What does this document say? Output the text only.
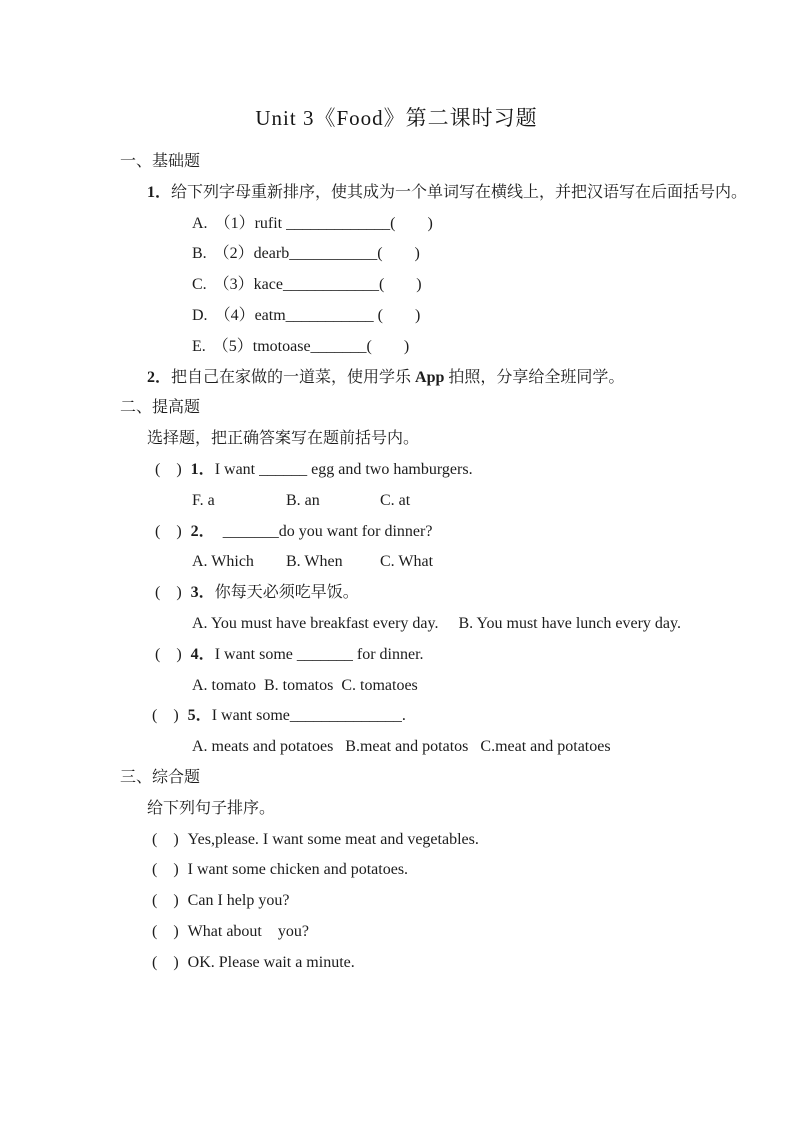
Unit 3《Food》第二课时习题
一、基础题
1．给下列字母重新排序，使其成为一个单词写在横线上，并把汉语写在后面括号内。
A. （1）rufit _____________(　　)
B. （2）dearb___________(　　)
C. （3）kace____________(　　)
D. （4）eatm___________ (　　)
E. （5）tmotoase_______(　　)
2．把自己在家做的一道菜，使用学乐 App 拍照，分享给全班同学。
二、提高题
选择题，把正确答案写在题前括号内。
(　) 1．I want ______ egg and two hamburgers.
F. a	B. an	C. at
(　) 2．　_______do you want for dinner?
A. Which B. When C. What
(　) 3．你每天必须吃早饭。
A. You must have breakfast every day. B. You must have lunch every day.
(　) 4．I want some _______ for dinner.
A. tomato B. tomatos C. tomatoes
(　) 5．I want some______________.
A. meats and potatoes B.meat and potatos C.meat and potatoes
三、综合题
给下列句子排序。
(　) Yes,please. I want some meat and vegetables.
(　) I want some chicken and potatoes.
(　) Can I help you?
(　) What about　you?
(　) OK. Please wait a minute.
